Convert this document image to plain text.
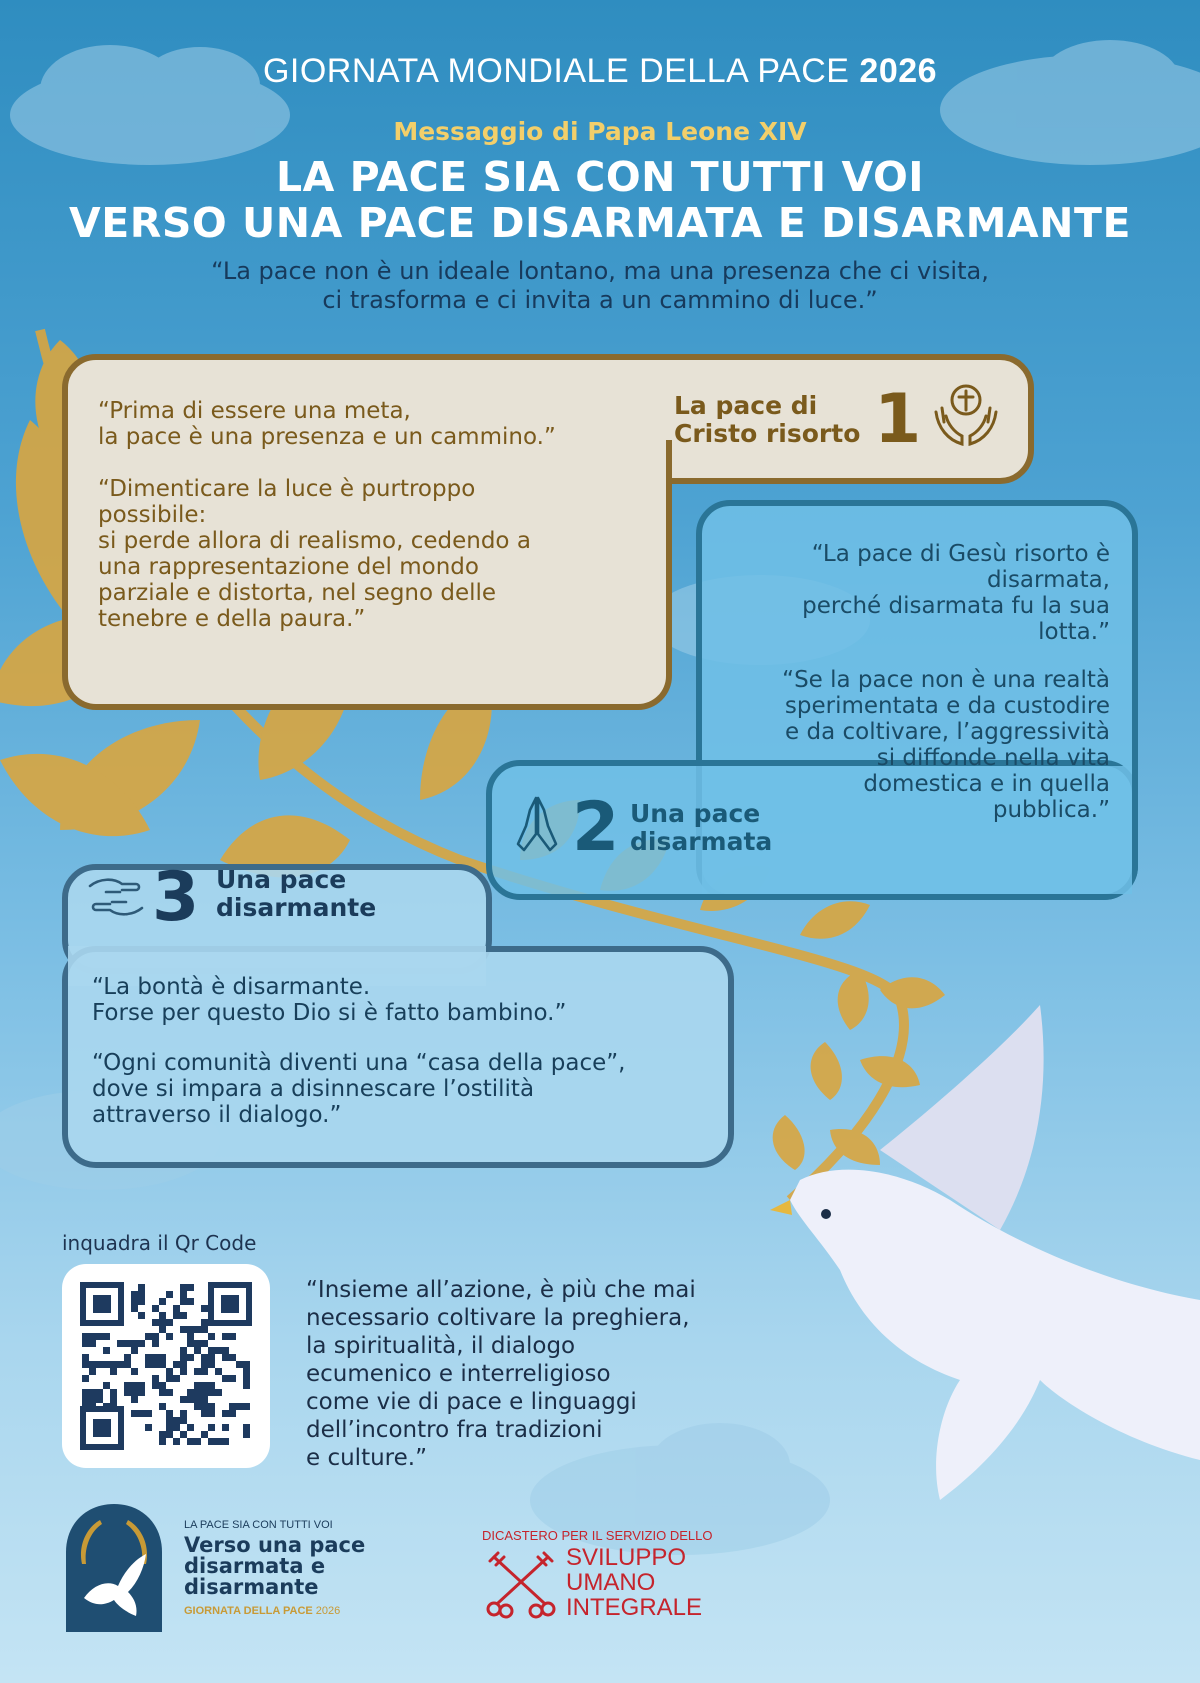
GIORNATA MONDIALE DELLA PACE 2026
Messaggio di Papa Leone XIV
LA PACE SIA CON TUTTI VOI
VERSO UNA PACE DISARMATA E DISARMANTE
“La pace non è un ideale lontano, ma una presenza che ci visita,
ci trasforma e ci invita a un cammino di luce.”
“Prima di essere una meta,
la pace è una presenza e un cammino.”
“Dimenticare la luce è purtroppo
possibile:
si perde allora di realismo, cedendo a
una rappresentazione del mondo
parziale e distorta, nel segno delle
tenebre e della paura.”
La pace di
Cristo risorto 1
“La pace di Gesù risorto è
disarmata,
perché disarmata fu la sua
lotta.”
“Se la pace non è una realtà
sperimentata e da custodire
e da coltivare, l’aggressività
si diffonde nella vita
domestica e in quella
pubblica.”
2 Una pace
disarmata
3 Una pace
disarmante
“La bontà è disarmante.
Forse per questo Dio si è fatto bambino.”
“Ogni comunità diventi una “casa della pace”,
dove si impara a disinnescare l’ostilità
attraverso il dialogo.”
inquadra il Qr Code
“Insieme all’azione, è più che mai
necessario coltivare la preghiera,
la spiritualità, il dialogo
ecumenico e interreligioso
come vie di pace e linguaggi
dell’incontro fra tradizioni
e culture.”
LA PACE SIA CON TUTTI VOI
Verso una pace
disarmata e
disarmante
GIORNATA DELLA PACE 2026
DICASTERO PER IL SERVIZIO DELLO
SVILUPPO
UMANO
INTEGRALE
